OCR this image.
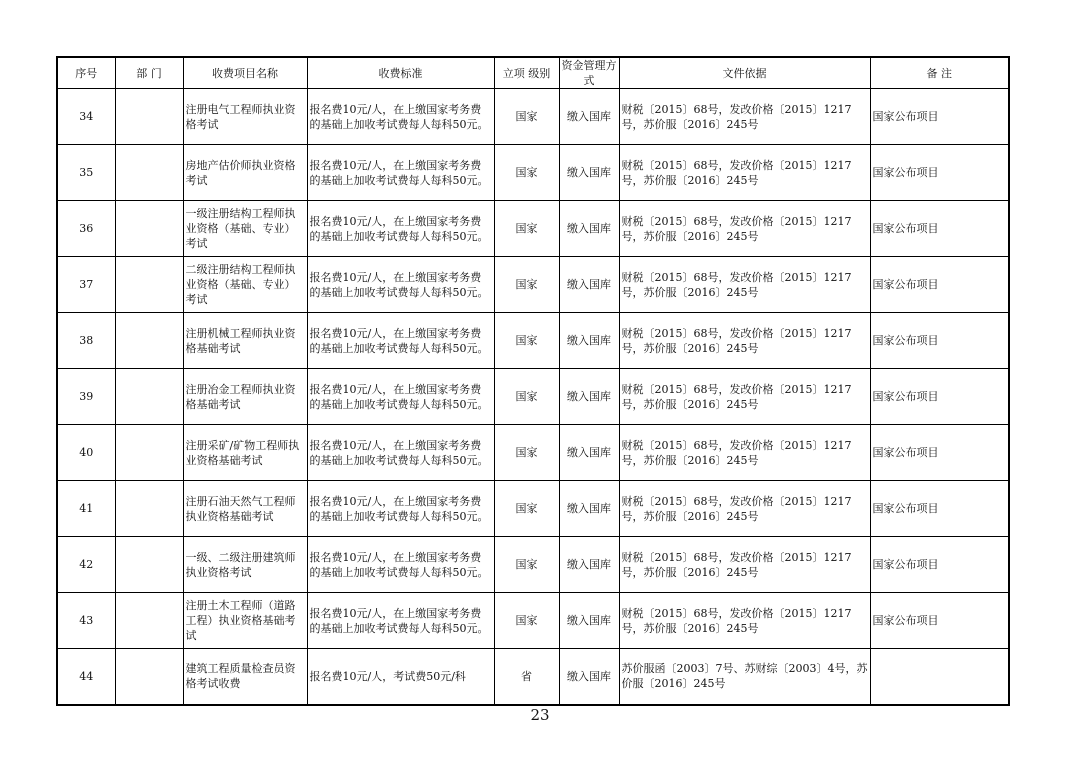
序号	部 门	收费项目名称	收费标准	立项 级别	资金管理方式	文件依据	备 注
34		注册电气工程师执业资格考试	报名费10元/人，在上缴国家考务费的基础上加收考试费每人每科50元。	国家	缴入国库	财税〔2015〕68号，发改价格〔2015〕1217号，苏价服〔2016〕245号	国家公布项目
35		房地产估价师执业资格考试	报名费10元/人，在上缴国家考务费的基础上加收考试费每人每科50元。	国家	缴入国库	财税〔2015〕68号，发改价格〔2015〕1217号，苏价服〔2016〕245号	国家公布项目
36		一级注册结构工程师执业资格（基础、专业）考试	报名费10元/人，在上缴国家考务费的基础上加收考试费每人每科50元。	国家	缴入国库	财税〔2015〕68号，发改价格〔2015〕1217号，苏价服〔2016〕245号	国家公布项目
37		二级注册结构工程师执业资格（基础、专业）考试	报名费10元/人，在上缴国家考务费的基础上加收考试费每人每科50元。	国家	缴入国库	财税〔2015〕68号，发改价格〔2015〕1217号，苏价服〔2016〕245号	国家公布项目
38		注册机械工程师执业资格基础考试	报名费10元/人，在上缴国家考务费的基础上加收考试费每人每科50元。	国家	缴入国库	财税〔2015〕68号，发改价格〔2015〕1217号，苏价服〔2016〕245号	国家公布项目
39		注册冶金工程师执业资格基础考试	报名费10元/人，在上缴国家考务费的基础上加收考试费每人每科50元。	国家	缴入国库	财税〔2015〕68号，发改价格〔2015〕1217号，苏价服〔2016〕245号	国家公布项目
40		注册采矿/矿物工程师执业资格基础考试	报名费10元/人，在上缴国家考务费的基础上加收考试费每人每科50元。	国家	缴入国库	财税〔2015〕68号，发改价格〔2015〕1217号，苏价服〔2016〕245号	国家公布项目
41		注册石油天然气工程师执业资格基础考试	报名费10元/人，在上缴国家考务费的基础上加收考试费每人每科50元。	国家	缴入国库	财税〔2015〕68号，发改价格〔2015〕1217号，苏价服〔2016〕245号	国家公布项目
42		一级、二级注册建筑师执业资格考试	报名费10元/人，在上缴国家考务费的基础上加收考试费每人每科50元。	国家	缴入国库	财税〔2015〕68号，发改价格〔2015〕1217号，苏价服〔2016〕245号	国家公布项目
43		注册土木工程师（道路工程）执业资格基础考试	报名费10元/人，在上缴国家考务费的基础上加收考试费每人每科50元。	国家	缴入国库	财税〔2015〕68号，发改价格〔2015〕1217号，苏价服〔2016〕245号	国家公布项目
44		建筑工程质量检查员资格考试收费	报名费10元/人，考试费50元/科	省	缴入国库	苏价服函〔2003〕7号、苏财综〔2003〕4号，苏价服〔2016〕245号	
23
